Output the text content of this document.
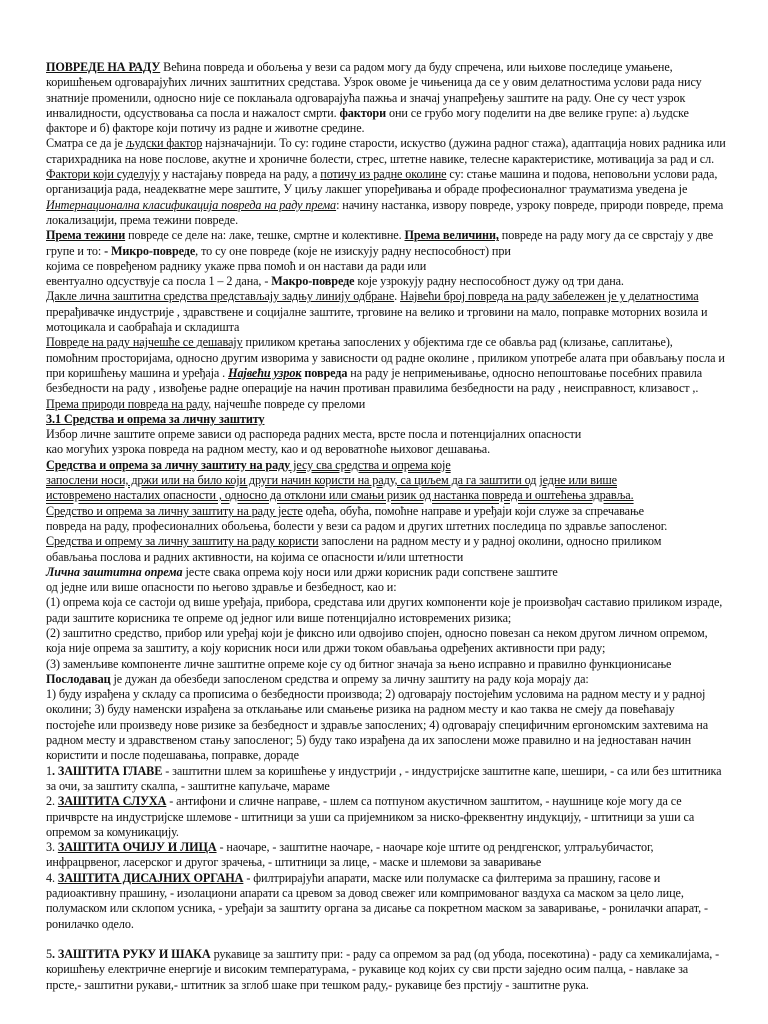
ПОВРЕДЕ НА РАДУ Већина повреда и обољења у вези са радом могу да буду спречена, или њихове последице умањене, коришћењем одговарајућих личних заштитних средстава. Узрок овоме је чињеница да се у овим делатностима услови рада нису знатније променили, односно није се поклањала одговарајућа пажња и значај унапређењу заштите на раду. Оне су чест узрок инвалидности, одсуствовања са посла и нажалост смрти. фактори они се грубо могу поделити на две велике групе: а) људске факторе и б) факторе који потичу из радне и животне средине.

Сматра се да је људски фактор најзначајнији. То су: године старости, искуство (дужина радног стажа), адаптација нових радника или старихрадника на нове послове, акутне и хроничне болести, стрес, штетне навике, телесне карактеристике, мотивација за рад и сл. Фактори који суделују у настајању повреда на раду, а потичу из радне околине су: стање машина и подова, неповољни услови рада, организација рада, неадекватне мере заштите, У циљу лакшег упоређивања и обраде професионалног трауматизма уведена је Интернационална класификација повреда на раду према: начину настанка, извору повреде, узроку повреде, природи повреде, према локализацији, према тежини повреде.

Према тежини повреде се деле на: лаке, тешке, смртне и колективне. Према величини, повреде на раду могу да се сврстају у две групе и то: - Микро-повреде, то су оне повреде (које не изискују радну неспособност) при

којима се повређеном раднику укаже прва помоћ и он настави да ради или

евентуално одсуствује са посла 1 – 2 дана, - Макро-повреде које узрокују радну неспособност дужу од три дана.

Дакле лична заштитна средства представљају задњу линију одбране. Највећи број повреда на раду забележен је у делатностима прерађивачке индустрије , здравствене и социјалне заштите, трговине на велико и трговини на мало, поправке моторних возила и мотоцикала и саобраћаја и складишта

Повреде на раду најчешће се дешавају приликом кретања запослених у објектима где се обавља рад (клизање, саплитање), помоћним просторијама, односно другим изворима у зависности од радне околине , приликом употребе алата при обављању посла и при коришћењу машина и уређаја . Највећи узрок повреда на раду је непримењивање, односно непоштовање посебних правила безбедности на раду , извођење радне операције на начин противан правилима безбедности на раду , неисправност, клизавост ,. Према природи повреда на раду, најчешће повреде су преломи

3.1 Средства и опрема за личну заштиту

Избор личне заштите опреме зависи од распореда радних места, врсте посла и потенцијалних опасности

као могућих узрока повреда на радном месту, као и од вероватноће њиховог дешавања.

Средства и опрема за личну заштиту на раду јесу сва средства и опрема које

запослени носи, држи или на било који други начин користи на раду, са циљем да га заштити од једне или више

истовремено насталих опасности , односно да отклони или смањи ризик од настанка повреда и оштећења здравља.

Средство и опрема за личну заштиту на раду јесте одећа, обућа, помоћне направе и уређаји који служе за спречавање

повреда на раду, професионалних обољења, болести у вези са радом и других штетних последица по здравље запосленог.

Средства и опрему за личну заштиту на раду користи запослени на радном месту и у радној околини, односно приликом

обављања послова и радних активности, на којима се опасности и/или штетности

Лична заштитна опрема јесте свака опрема коју носи или држи корисник ради сопствене заштите

од једне или више опасности по његово здравље и безбедност, као и:

(1) опрема која се састоји од више уређаја, прибора, средстава или других компоненти које је произвођач саставио приликом израде, ради заштите корисника те опреме од једног или више потенцијално истовремених ризика;

(2) заштитно средство, прибор или уређај који је фиксно или одвојиво спојен, односно повезан са неком другом личном опремом, која није опрема за заштиту, а коју корисник носи или држи током обављања одређених активности при раду;

(3) заменљиве компоненте личне заштитне опреме које су од битног значаја за њено исправно и правилно функционисање

Послодавац је дужан да обезбеди запосленом средства и опрему за личну заштиту на раду која морају да:

1) буду израђена у складу са прописима о безбедности производа; 2) одговарају постојећим условима на радном месту и у радној околини; 3) буду наменски израђена за отклањање или смањење ризика на радном месту и као таква не смеју да повећавају постојеће или произведу нове ризике за безбедност и здравље запослених; 4) одговарају специфичним ергономским захтевима на радном месту и здравственом стању запосленог; 5) буду тако израђена да их запослени може правилно и на једноставан начин користити и после подешавања, поправке, дораде

1. ЗАШТИТА ГЛАВЕ - заштитни шлем за коришћење у индустрији , - индустријске заштитне капе, шешири, - са или без штитника за очи, за заштиту скалпа, - заштитне капуљаче, мараме

2. ЗАШТИТА СЛУХА - антифони и сличне направе, - шлем са потпуном акустичном заштитом, - наушнице које могу да се причврсте на индустријске шлемове - штитници за уши са пријемником за нискo-фреквентну индукцију, - штитници за уши са опремом за комуникацију.

3. ЗАШТИТА ОЧИЈУ И ЛИЦА - наочаре, - заштитне наочаре, - наочаре које штите од рендгенског, ултраљубичастог, инфрацрвеног, ласерског и другог зрачења, - штитници за лице, - маске и шлемови за заваривање

4. ЗАШТИТА ДИСАЈНИХ ОРГАНА - филтрирајући апарати, маске или полумаске са филтерима за прашину, гасове и радиоактивну прашину, - изолациони апарати са цревом за довод свежег или компримованог ваздуха са маском за цело лице, полумаском или склопом усника, - уређаји за заштиту органа за дисање са покретном маском за заваривање, - ронилачки апарат, - ронилачко одело.

5. ЗАШТИТА РУКУ И ШАКА рукавице за заштиту при: - раду са опремом за рад (од убода, посекотина) - раду са хемикалијама, - коришћењу електричне енергије и високим температурама, - рукавице код којих су сви прсти заједно осим палца, - навлаке за прсте,- заштитни рукави,- штитник за зглоб шаке при тешком раду,- рукавице без прстију - заштитне рука.
